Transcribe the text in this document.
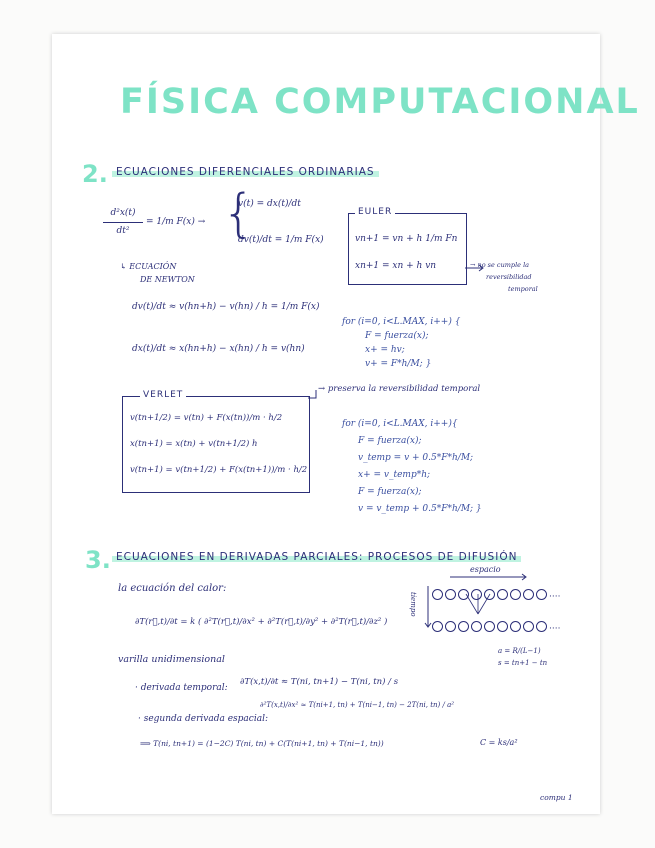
FÍSICA COMPUTACIONAL
2. ECUACIONES DIFERENCIALES ORDINARIAS
d²x(t)
dt²
= 1/m F(x) → {
v(t) = dx(t)/dt
dv(t)/dt = 1/m F(x)
↳ ECUACIÓN
DE NEWTON
EULER
vn+1 = vn + h 1/m Fn
xn+1 = xn + h vn	→ no se cumple la
reversibilidad
temporal
dv(t)/dt ≈ v(hn+h) − v(hn) / h = 1/m F(x)
dx(t)/dt ≈ x(hn+h) − x(hn) / h = v(hn)
for (i=0, i<L.MAX, i++) {
F = fuerza(x);
x+ = hv;
v+ = F*h/M; }
VERLET
v(tn+1/2) = v(tn) + F(x(tn))/m · h/2
x(tn+1) = x(tn) + v(tn+1/2) h
v(tn+1) = v(tn+1/2) + F(x(tn+1))/m · h/2
→ preserva la reversibilidad temporal
for (i=0, i<L.MAX, i++){
F = fuerza(x);
v_temp = v + 0.5*F*h/M;
x+ = v_temp*h;
F = fuerza(x);
v = v_temp + 0.5*F*h/M; }
3. ECUACIONES EN DERIVADAS PARCIALES: PROCESOS DE DIFUSIÓN
la ecuación del calor:
∂T(r⃗,t)/∂t = k ( ∂²T(r⃗,t)/∂x² + ∂²T(r⃗,t)/∂y² + ∂²T(r⃗,t)/∂z² )
espacio
tiempo	····
····
varilla unidimensional
a = R/(L−1)
s = tn+1 − tn
· derivada temporal:
∂T(x,t)/∂t ≈ T(ni, tn+1) − T(ni, tn) / s
· segunda derivada espacial:
∂²T(x,t)/∂x² ≈ T(ni+1, tn) + T(ni−1, tn) − 2T(ni, tn) / a²
⟹ T(ni, tn+1) = (1−2C) T(ni, tn) + C(T(ni+1, tn) + T(ni−1, tn))	C = ks/a²
compu 1
